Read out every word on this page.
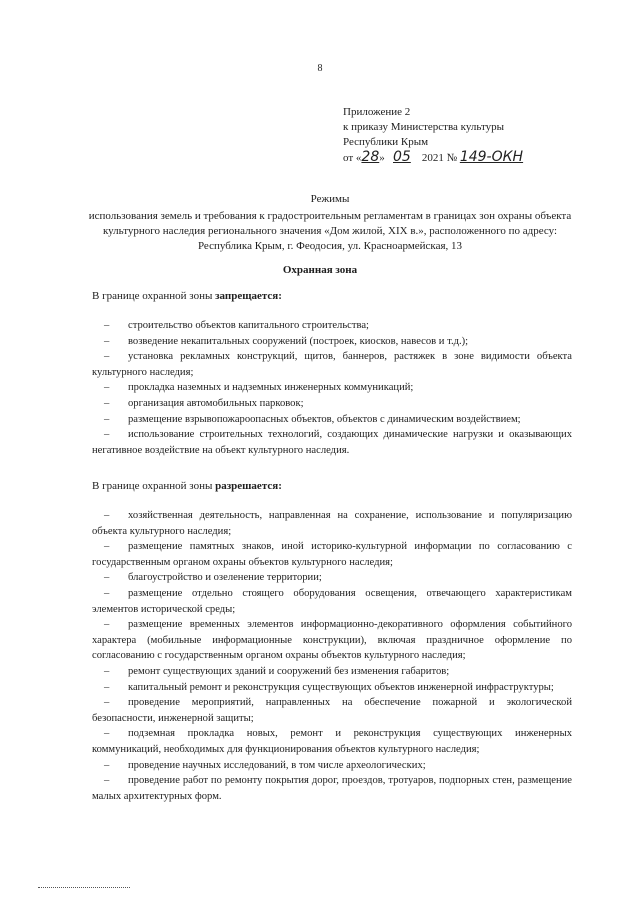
8
Приложение 2
к приказу Министерства культуры
Республики Крым
от «28» 05 2021 № 149-ОКН
Режимы
использования земель и требования к градостроительным регламентам в границах зон охраны объекта культурного наследия регионального значения «Дом жилой, XIX в.», расположенного по адресу: Республика Крым, г. Феодосия, ул. Красноармейская, 13
Охранная зона
В границе охранной зоны запрещается:
– строительство объектов капитального строительства;
– возведение некапитальных сооружений (построек, киосков, навесов и т.д.);
– установка рекламных конструкций, щитов, баннеров, растяжек в зоне видимости объекта культурного наследия;
– прокладка наземных и надземных инженерных коммуникаций;
– организация автомобильных парковок;
– размещение взрывопожароопасных объектов, объектов с динамическим воздействием;
– использование строительных технологий, создающих динамические нагрузки и оказывающих негативное воздействие на объект культурного наследия.
В границе охранной зоны разрешается:
– хозяйственная деятельность, направленная на сохранение, использование и популяризацию объекта культурного наследия;
– размещение памятных знаков, иной историко-культурной информации по согласованию с государственным органом охраны объектов культурного наследия;
– благоустройство и озеленение территории;
– размещение отдельно стоящего оборудования освещения, отвечающего характеристикам элементов исторической среды;
– размещение временных элементов информационно-декоративного оформления событийного характера (мобильные информационные конструкции), включая праздничное оформление по согласованию с государственным органом охраны объектов культурного наследия;
– ремонт существующих зданий и сооружений без изменения габаритов;
– капитальный ремонт и реконструкция существующих объектов инженерной инфраструктуры;
– проведение мероприятий, направленных на обеспечение пожарной и экологической безопасности, инженерной защиты;
– подземная прокладка новых, ремонт и реконструкция существующих инженерных коммуникаций, необходимых для функционирования объектов культурного наследия;
– проведение научных исследований, в том числе археологических;
– проведение работ по ремонту покрытия дорог, проездов, тротуаров, подпорных стен, размещение малых архитектурных форм.
